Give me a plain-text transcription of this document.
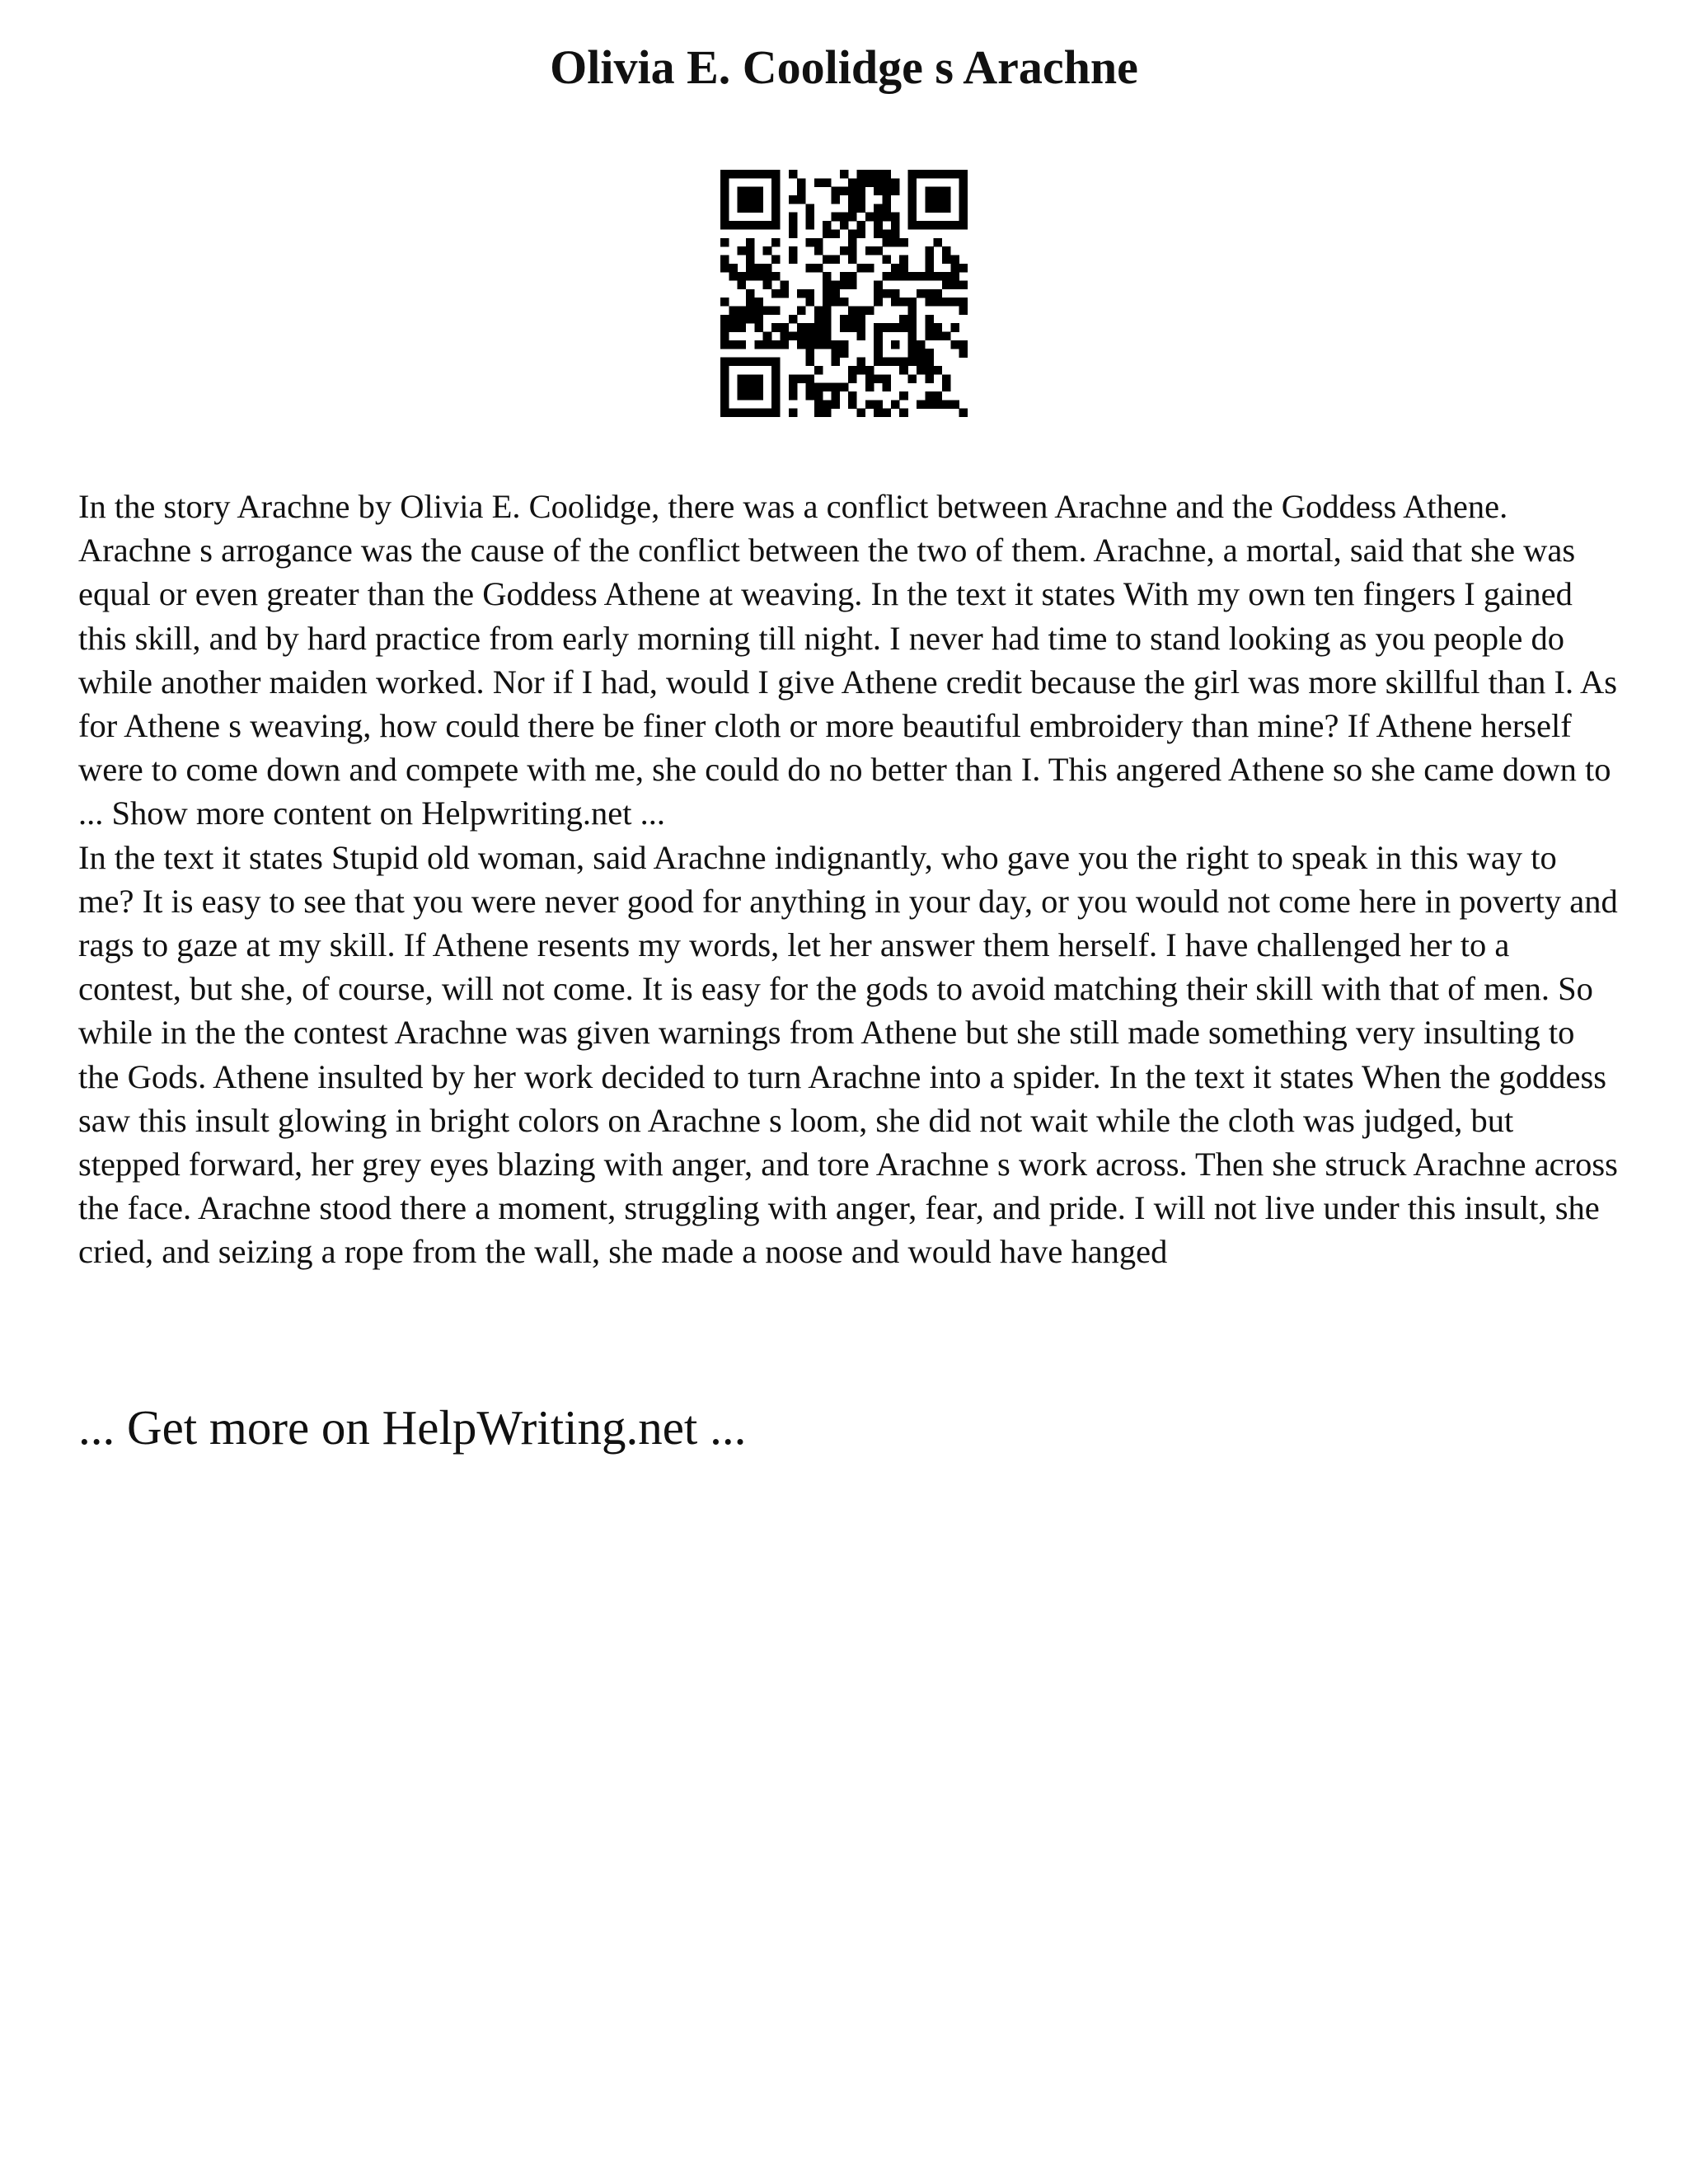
Olivia E. Coolidge s Arachne

In the story Arachne by Olivia E. Coolidge, there was a conflict between Arachne and the Goddess Athene. Arachne s arrogance was the cause of the conflict between the two of them. Arachne, a mortal, said that she was equal or even greater than the Goddess Athene at weaving. In the text it states With my own ten fingers I gained this skill, and by hard practice from early morning till night. I never had time to stand looking as you people do while another maiden worked. Nor if I had, would I give Athene credit because the girl was more skillful than I. As for Athene s weaving, how could there be finer cloth or more beautiful embroidery than mine? If Athene herself were to come down and compete with me, she could do no better than I. This angered Athene so she came down to ... Show more content on Helpwriting.net ...

In the text it states Stupid old woman, said Arachne indignantly, who gave you the right to speak in this way to me? It is easy to see that you were never good for anything in your day, or you would not come here in poverty and rags to gaze at my skill. If Athene resents my words, let her answer them herself. I have challenged her to a contest, but she, of course, will not come. It is easy for the gods to avoid matching their skill with that of men. So while in the the contest Arachne was given warnings from Athene but she still made something very insulting to the Gods. Athene insulted by her work decided to turn Arachne into a spider. In the text it states When the goddess saw this insult glowing in bright colors on Arachne s loom, she did not wait while the cloth was judged, but stepped forward, her grey eyes blazing with anger, and tore Arachne s work across. Then she struck Arachne across the face. Arachne stood there a moment, struggling with anger, fear, and pride. I will not live under this insult, she cried, and seizing a rope from the wall, she made a noose and would have hanged

... Get more on HelpWriting.net ...
